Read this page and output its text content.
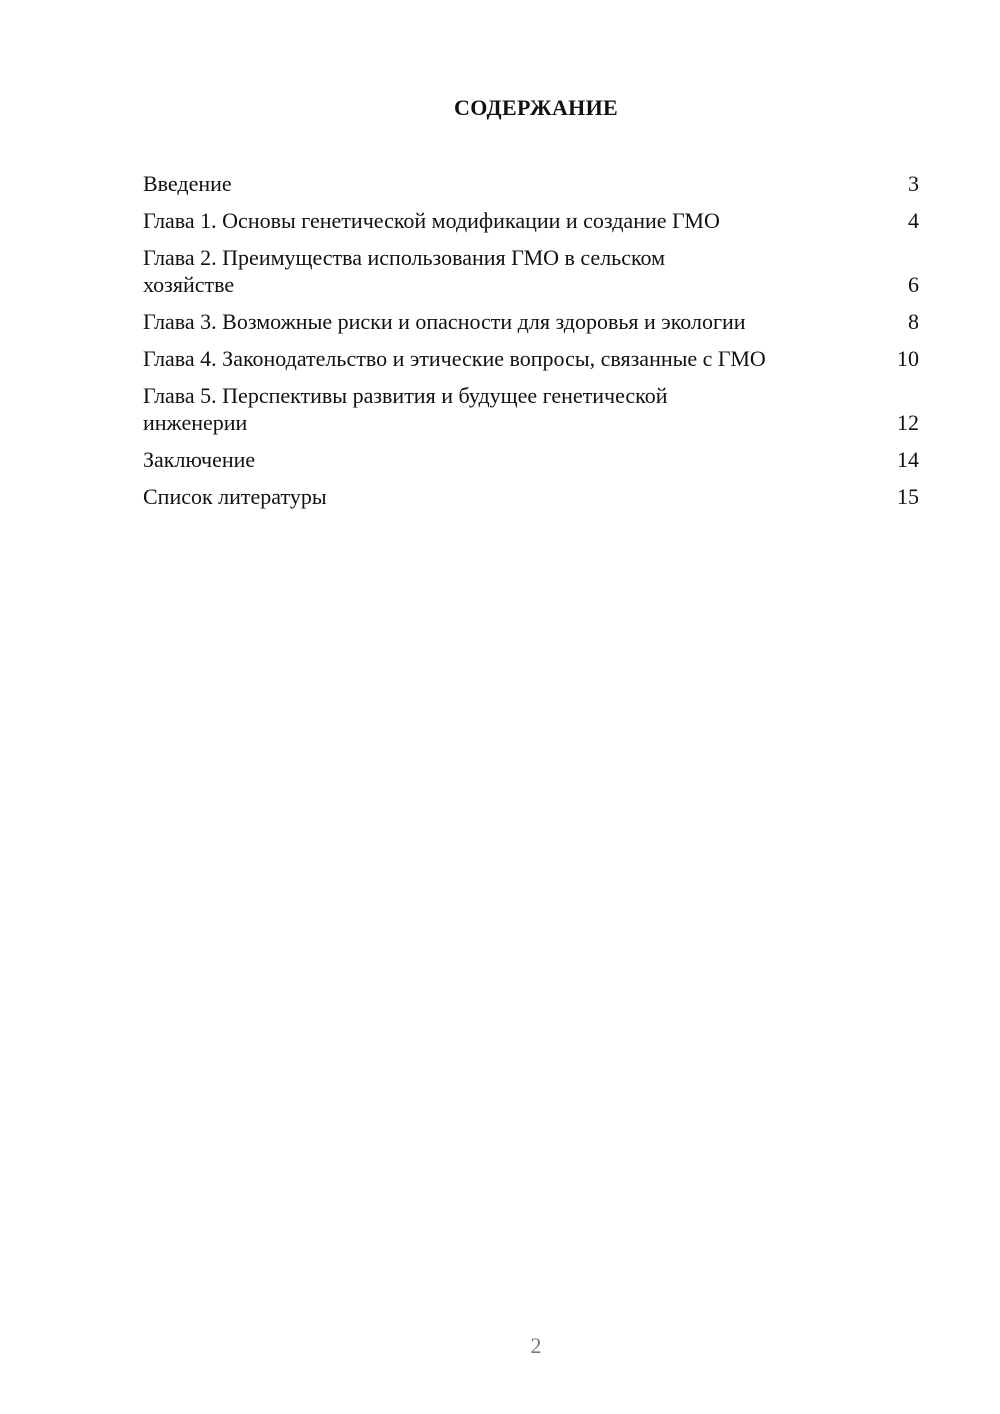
СОДЕРЖАНИЕ
Введение	3
Глава 1. Основы генетической модификации и создание ГМО	4
Глава 2. Преимущества использования ГМО в сельском хозяйстве	6
Глава 3. Возможные риски и опасности для здоровья и экологии	8
Глава 4. Законодательство и этические вопросы, связанные с ГМО	10
Глава 5. Перспективы развития и будущее генетической инженерии	12
Заключение	14
Список литературы	15
2
